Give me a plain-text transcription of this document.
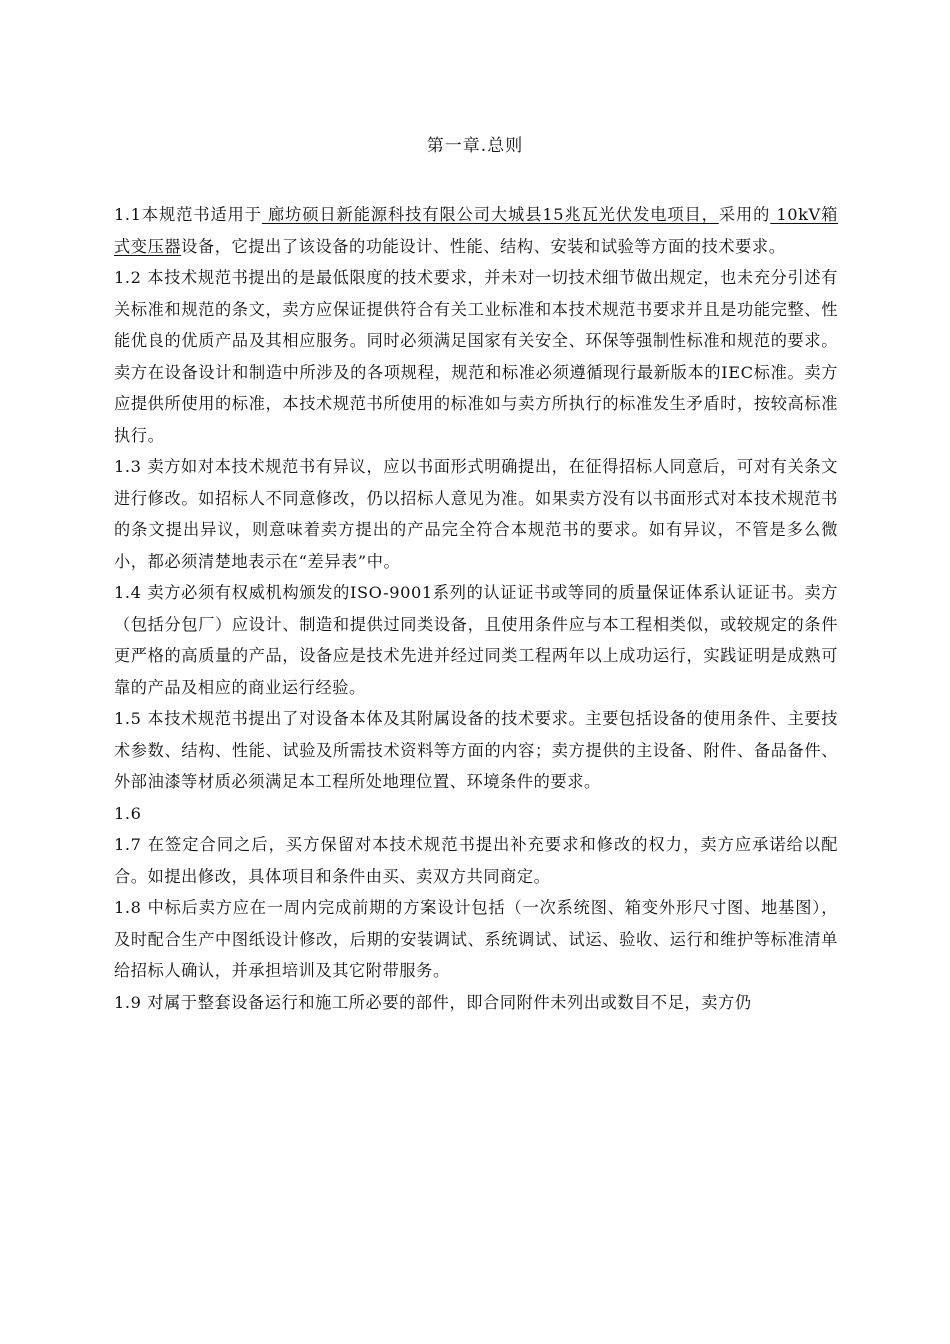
第一章.总则

1.1本规范书适用于 廊坊硕日新能源科技有限公司大城县15兆瓦光伏发电项目，采用的 10kV箱式变压器设备，它提出了该设备的功能设计、性能、结构、安装和试验等方面的技术要求。

1.2 本技术规范书提出的是最低限度的技术要求，并未对一切技术细节做出规定，也未充分引述有关标准和规范的条文，卖方应保证提供符合有关工业标准和本技术规范书要求并且是功能完整、性能优良的优质产品及其相应服务。同时必须满足国家有关安全、环保等强制性标准和规范的要求。卖方在设备设计和制造中所涉及的各项规程，规范和标准必须遵循现行最新版本的IEC标准。卖方应提供所使用的标准，本技术规范书所使用的标准如与卖方所执行的标准发生矛盾时，按较高标准执行。

1.3 卖方如对本技术规范书有异议，应以书面形式明确提出，在征得招标人同意后，可对有关条文进行修改。如招标人不同意修改，仍以招标人意见为准。如果卖方没有以书面形式对本技术规范书的条文提出异议，则意味着卖方提出的产品完全符合本规范书的要求。如有异议，不管是多么微小，都必须清楚地表示在“差异表”中。

1.4 卖方必须有权威机构颁发的ISO-9001系列的认证证书或等同的质量保证体系认证证书。卖方（包括分包厂）应设计、制造和提供过同类设备，且使用条件应与本工程相类似，或较规定的条件更严格的高质量的产品，设备应是技术先进并经过同类工程两年以上成功运行，实践证明是成熟可靠的产品及相应的商业运行经验。

1.5 本技术规范书提出了对设备本体及其附属设备的技术要求。主要包括设备的使用条件、主要技术参数、结构、性能、试验及所需技术资料等方面的内容；卖方提供的主设备、附件、备品备件、外部油漆等材质必须满足本工程所处地理位置、环境条件的要求。

1.6

1.7 在签定合同之后，买方保留对本技术规范书提出补充要求和修改的权力，卖方应承诺给以配合。如提出修改，具体项目和条件由买、卖双方共同商定。

1.8 中标后卖方应在一周内完成前期的方案设计包括（一次系统图、箱变外形尺寸图、地基图），及时配合生产中图纸设计修改，后期的安装调试、系统调试、试运、验收、运行和维护等标准清单给招标人确认，并承担培训及其它附带服务。

1.9 对属于整套设备运行和施工所必要的部件，即合同附件未列出或数目不足，卖方仍
